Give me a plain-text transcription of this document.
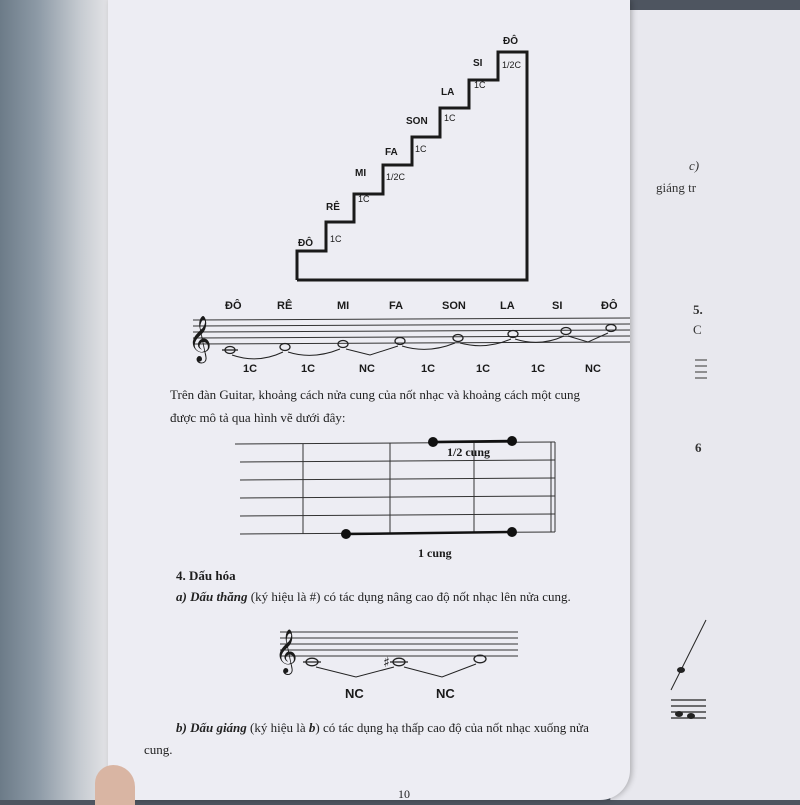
c)
giáng tr
5.
C
6
ĐÔ
RÊ
MI
FA
SON
LA
SI
ĐÔ
1C
1C
1/2C
1C
1C
1C
1/2C
ĐÔ	RÊ	MI	FA	SON	LA	SI	ĐÔ
𝄞
1C	1C	NC	1C	1C	1C	NC
Trên đàn Guitar, khoảng cách nửa cung của nốt nhạc và khoảng cách một cung
được mô tả qua hình vẽ dưới đây:
1/2 cung
1 cung
4. Dấu hóa
a) Dấu thăng (ký hiệu là #) có tác dụng nâng cao độ nốt nhạc lên nửa cung.
𝄞	♯
NC	NC
b) Dấu giáng (ký hiệu là b) có tác dụng hạ thấp cao độ của nốt nhạc xuống nửa
cung.
10
